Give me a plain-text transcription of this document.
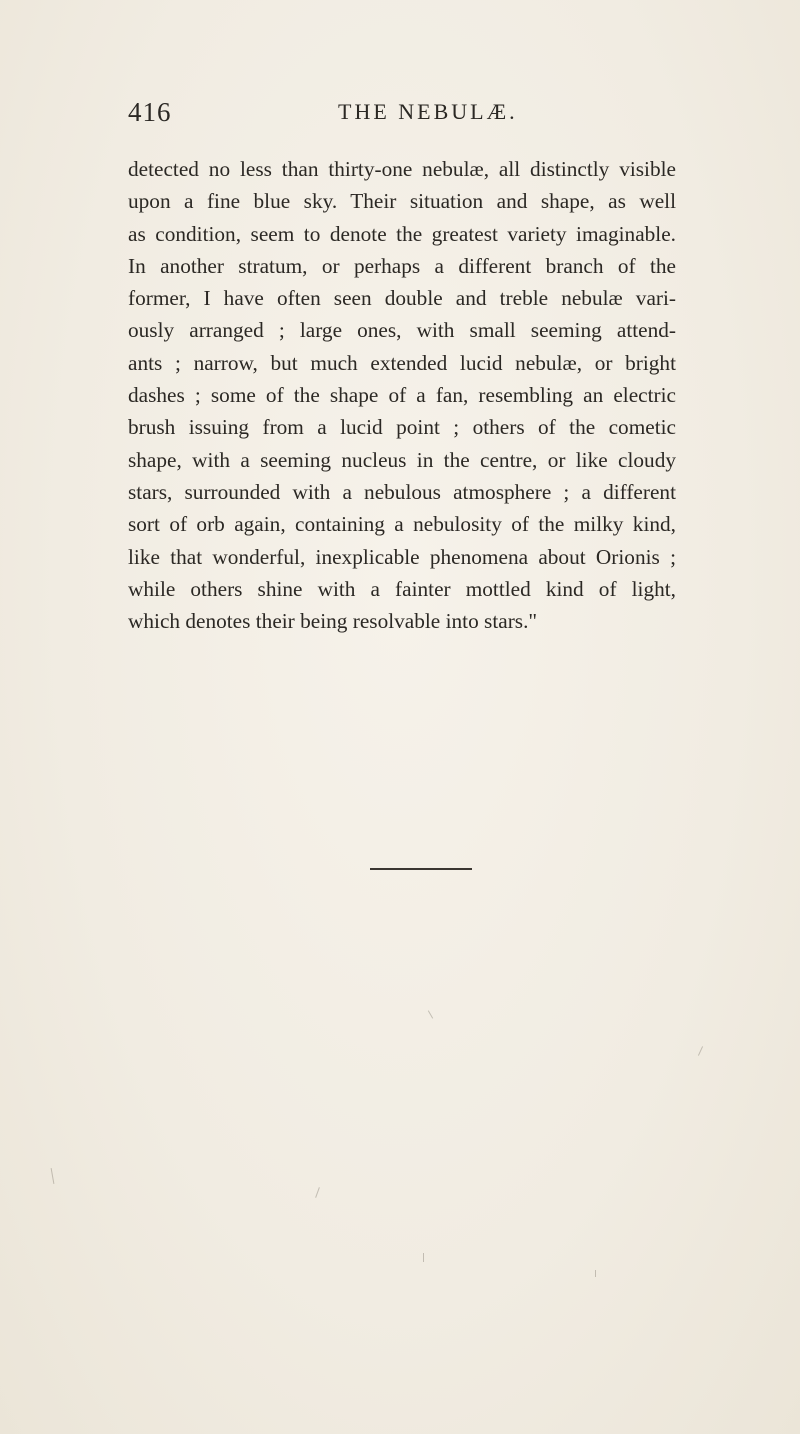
416	THE NEBULÆ.
detected no less than thirty-one nebulæ, all distinctly visible
upon a fine blue sky. Their situation and shape, as well
as condition, seem to denote the greatest variety imaginable.
In another stratum, or perhaps a different branch of the
former, I have often seen double and treble nebulæ vari-
ously arranged ; large ones, with small seeming attend-
ants ; narrow, but much extended lucid nebulæ, or bright
dashes ; some of the shape of a fan, resembling an electric
brush issuing from a lucid point ; others of the cometic
shape, with a seeming nucleus in the centre, or like cloudy
stars, surrounded with a nebulous atmosphere ; a different
sort of orb again, containing a nebulosity of the milky kind,
like that wonderful, inexplicable phenomena about Orionis ;
while others shine with a fainter mottled kind of light,
which denotes their being resolvable into stars."
